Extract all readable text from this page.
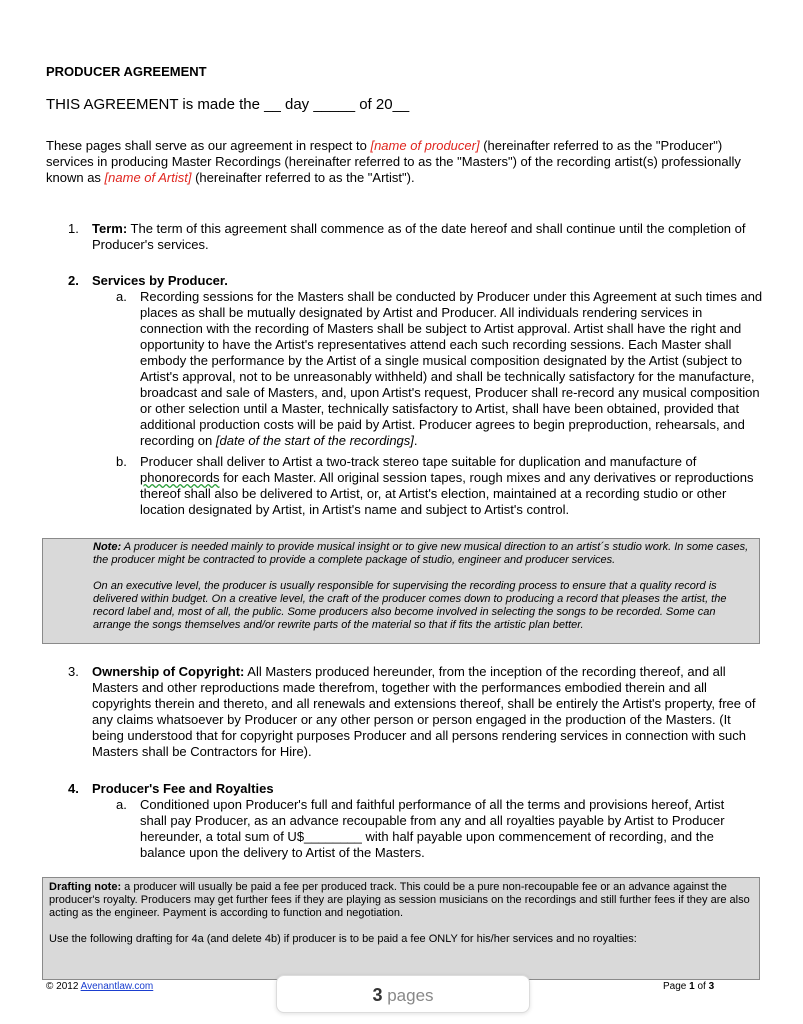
PRODUCER AGREEMENT
THIS AGREEMENT is made the __ day _____ of 20__
These pages shall serve as our agreement in respect to [name of producer] (hereinafter referred to as the "Producer") services in producing Master Recordings (hereinafter referred to as the "Masters") of the recording artist(s) professionally known as [name of Artist] (hereinafter referred to as the "Artist").
1.	Term: The term of this agreement shall commence as of the date hereof and shall continue until the completion of Producer's services.
2.	Services by Producer.
a. Recording sessions for the Masters shall be conducted by Producer under this Agreement at such times and places as shall be mutually designated by Artist and Producer. All individuals rendering services in connection with the recording of Masters shall be subject to Artist approval. Artist shall have the right and opportunity to have the Artist's representatives attend each such recording sessions. Each Master shall embody the performance by the Artist of a single musical composition designated by the Artist (subject to Artist's approval, not to be unreasonably withheld) and shall be technically satisfactory for the manufacture, broadcast and sale of Masters, and, upon Artist's request, Producer shall re-record any musical composition or other selection until a Master, technically satisfactory to Artist, shall have been obtained, provided that additional production costs will be paid by Artist. Producer agrees to begin preproduction, rehearsals, and recording on [date of the start of the recordings].
b. Producer shall deliver to Artist a two-track stereo tape suitable for duplication and manufacture of phonorecords for each Master. All original session tapes, rough mixes and any derivatives or reproductions thereof shall also be delivered to Artist, or, at Artist's election, maintained at a recording studio or other location designated by Artist, in Artist's name and subject to Artist's control.

Note: A producer is needed mainly to provide musical insight or to give new musical direction to an artist´s studio work. In some cases, the producer might be contracted to provide a complete package of studio, engineer and producer services.

On an executive level, the producer is usually responsible for supervising the recording process to ensure that a quality record is delivered within budget. On a creative level, the craft of the producer comes down to producing a record that pleases the artist, the record label and, most of all, the public. Some producers also become involved in selecting the songs to be recorded. Some can arrange the songs themselves and/or rewrite parts of the material so that if fits the artistic plan better.

3.	Ownership of Copyright: All Masters produced hereunder, from the inception of the recording thereof, and all Masters and other reproductions made therefrom, together with the performances embodied therein and all copyrights therein and thereto, and all renewals and extensions thereof, shall be entirely the Artist's property, free of any claims whatsoever by Producer or any other person or person engaged in the production of the Masters. (It being understood that for copyright purposes Producer and all persons rendering services in connection with such Masters shall be Contractors for Hire).
4.	Producer's Fee and Royalties
a. Conditioned upon Producer's full and faithful performance of all the terms and provisions hereof, Artist shall pay Producer, as an advance recoupable from any and all royalties payable by Artist to Producer hereunder, a total sum of U$________ with half payable upon commencement of recording, and the balance upon the delivery to Artist of the Masters.

Drafting note: a producer will usually be paid a fee per produced track. This could be a pure non-recoupable fee or an advance against the producer's royalty. Producers may get further fees if they are playing as session musicians on the recordings and still further fees if they are also acting as the engineer. Payment is according to function and negotiation.

Use the following drafting for 4a (and delete 4b) if producer is to be paid a fee ONLY for his/her services and no royalties:

© 2012 Avenantlaw.com	Page 1 of 3
3 pages
